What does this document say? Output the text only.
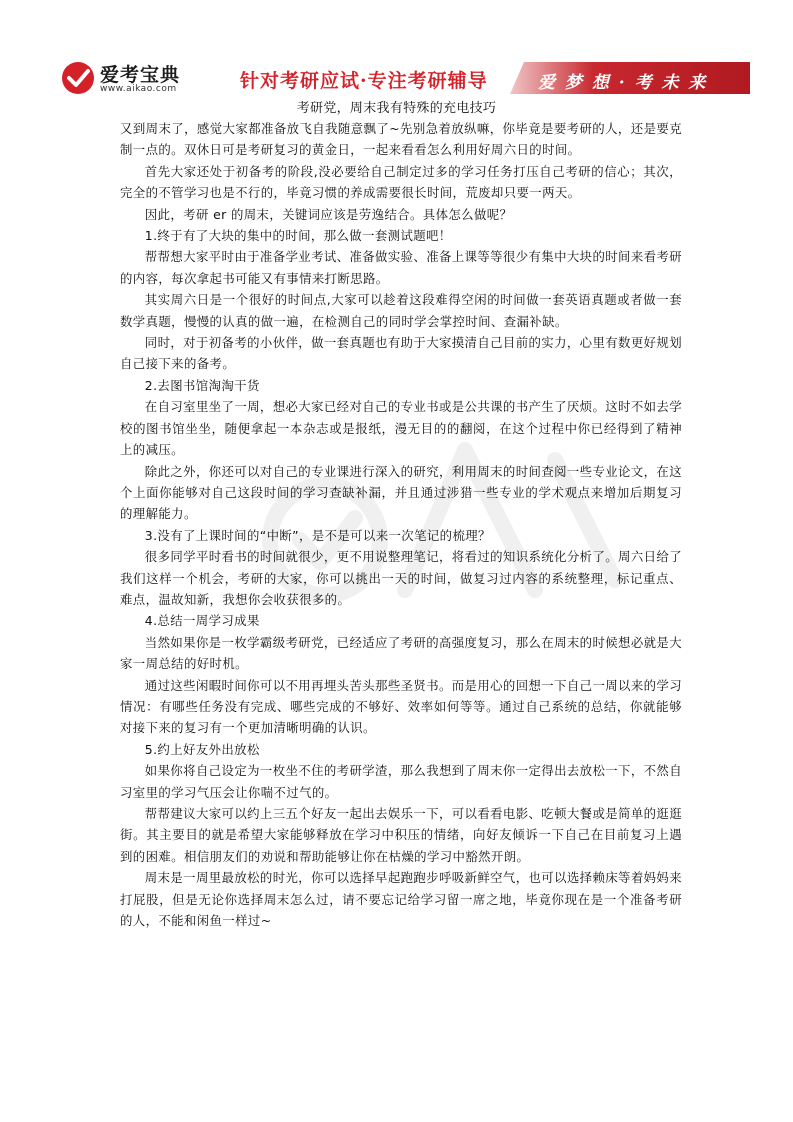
爱考宝典
www.aikao.com	针对考研应试·专注考研辅导	爱 梦 想 · 考 未 来
考研党，周末我有特殊的充电技巧

又到周末了，感觉大家都准备放飞自我随意飘了~先别急着放纵嘛，你毕竟是要考研的人，还是要克制一点的。双休日可是考研复习的黄金日，一起来看看怎么利用好周六日的时间。

首先大家还处于初备考的阶段,没必要给自己制定过多的学习任务打压自己考研的信心；其次，完全的不管学习也是不行的，毕竟习惯的养成需要很长时间，荒废却只要一两天。

因此，考研 er 的周末，关键词应该是劳逸结合。具体怎么做呢？

1.终于有了大块的集中的时间，那么做一套测试题吧！

帮帮想大家平时由于准备学业考试、准备做实验、准备上课等等很少有集中大块的时间来看考研的内容，每次拿起书可能又有事情来打断思路。

其实周六日是一个很好的时间点,大家可以趁着这段难得空闲的时间做一套英语真题或者做一套数学真题，慢慢的认真的做一遍，在检测自己的同时学会掌控时间、查漏补缺。

同时，对于初备考的小伙伴，做一套真题也有助于大家摸清自己目前的实力，心里有数更好规划自己接下来的备考。

2.去图书馆淘淘干货

在自习室里坐了一周，想必大家已经对自己的专业书或是公共课的书产生了厌烦。这时不如去学校的图书馆坐坐，随便拿起一本杂志或是报纸，漫无目的的翻阅，在这个过程中你已经得到了精神上的减压。

除此之外，你还可以对自己的专业课进行深入的研究，利用周末的时间查阅一些专业论文，在这个上面你能够对自己这段时间的学习查缺补漏，并且通过涉猎一些专业的学术观点来增加后期复习的理解能力。

3.没有了上课时间的“中断”，是不是可以来一次笔记的梳理？

很多同学平时看书的时间就很少，更不用说整理笔记，将看过的知识系统化分析了。周六日给了我们这样一个机会，考研的大家，你可以挑出一天的时间，做复习过内容的系统整理，标记重点、难点，温故知新，我想你会收获很多的。

4.总结一周学习成果

当然如果你是一枚学霸级考研党，已经适应了考研的高强度复习，那么在周末的时候想必就是大家一周总结的好时机。

通过这些闲暇时间你可以不用再埋头苦头那些圣贤书。而是用心的回想一下自己一周以来的学习情况：有哪些任务没有完成、哪些完成的不够好、效率如何等等。通过自己系统的总结，你就能够对接下来的复习有一个更加清晰明确的认识。

5.约上好友外出放松

如果你将自己设定为一枚坐不住的考研学渣，那么我想到了周末你一定得出去放松一下，不然自习室里的学习气压会让你喘不过气的。

帮帮建议大家可以约上三五个好友一起出去娱乐一下，可以看看电影、吃顿大餐或是简单的逛逛街。其主要目的就是希望大家能够释放在学习中积压的情绪，向好友倾诉一下自己在目前复习上遇到的困难。相信朋友们的劝说和帮助能够让你在枯燥的学习中豁然开朗。

周末是一周里最放松的时光，你可以选择早起跑跑步呼吸新鲜空气，也可以选择赖床等着妈妈来打屁股，但是无论你选择周末怎么过，请不要忘记给学习留一席之地，毕竟你现在是一个准备考研的人，不能和闲鱼一样过~
